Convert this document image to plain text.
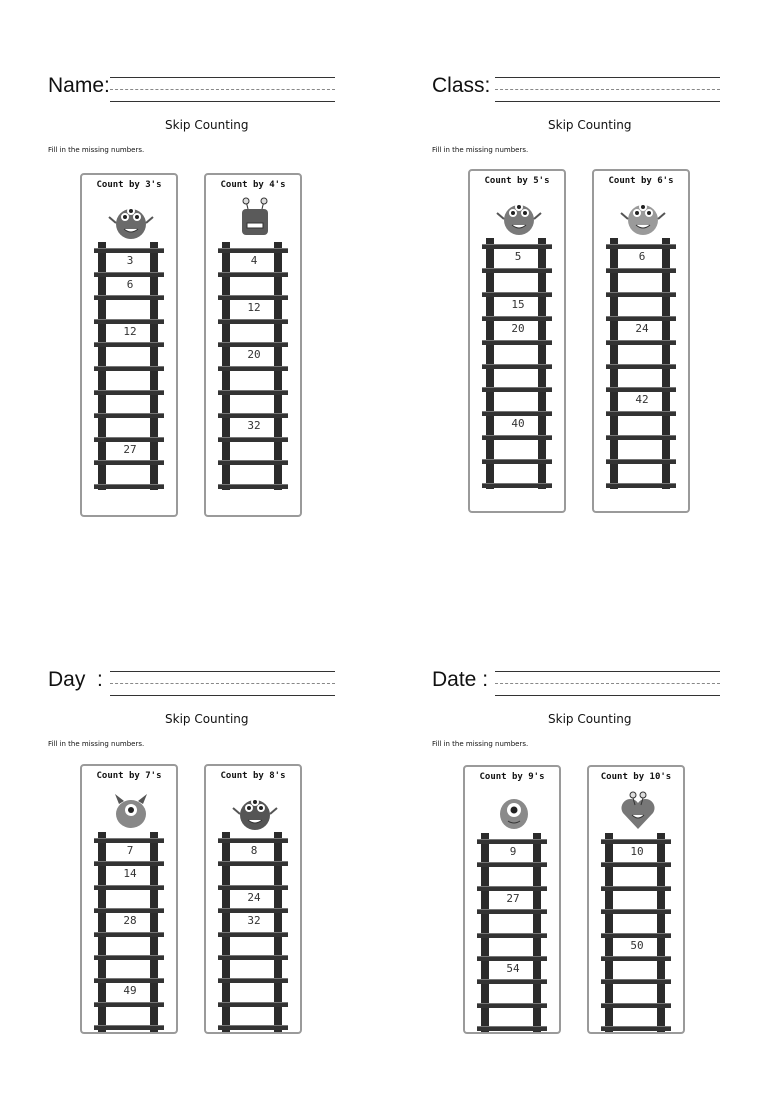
Name:
Skip Counting
Fill in the missing numbers.
Class:
Skip Counting
Fill in the missing numbers.
Day  :
Skip Counting
Fill in the missing numbers.
Date :
Skip Counting
Fill in the missing numbers.
Count by 3's
3
6
12
27
Count by 4's
4
12
20
32
Count by 5's
5
15
20
40
Count by 6's
6
24
42
Count by 7's
7
14
28
49
Count by 8's
8
24
32
Count by 9's
9
27
54
Count by 10's
10
50
